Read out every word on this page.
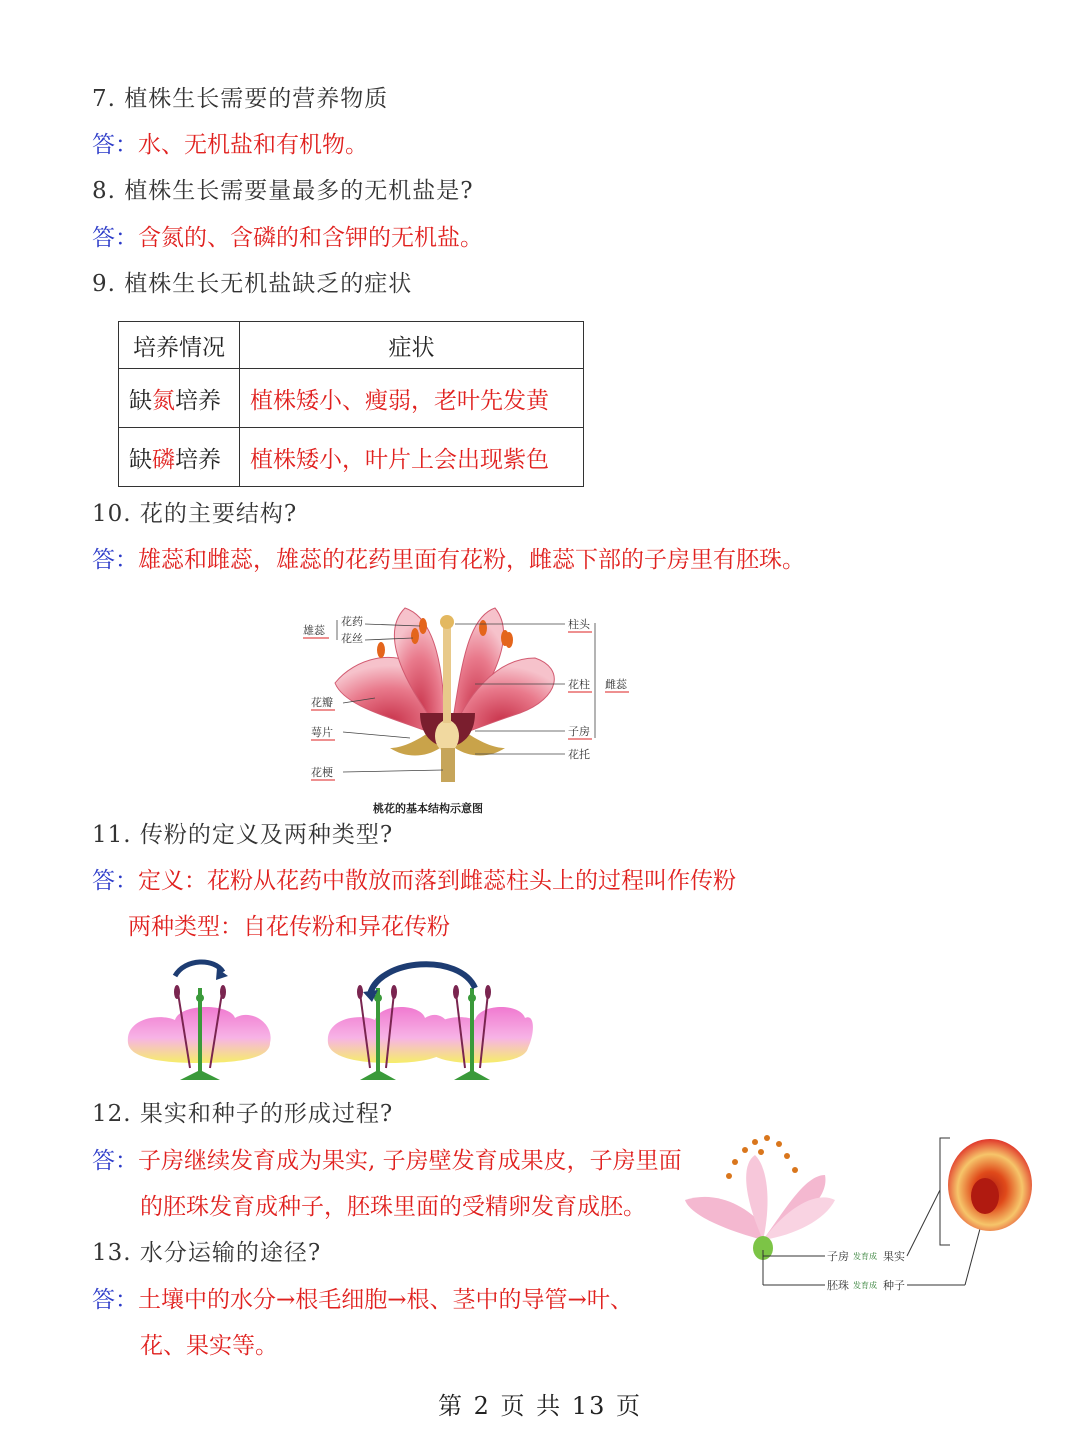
7. 植株生长需要的营养物质
答：水、无机盐和有机物。
8. 植株生长需要量最多的无机盐是?
答：含氮的、含磷的和含钾的无机盐。
9. 植株生长无机盐缺乏的症状
培养情况	症状
缺氮培养	植株矮小、瘦弱，老叶先发黄
缺磷培养	植株矮小，叶片上会出现紫色
10. 花的主要结构?
答：雄蕊和雌蕊，雄蕊的花药里面有花粉，雌蕊下部的子房里有胚珠。
雄蕊
花药
花丝
花瓣
萼片
花梗
柱头
花柱 雌蕊
子房
花托
桃花的基本结构示意图
11. 传粉的定义及两种类型?
答：定义：花粉从花药中散放而落到雌蕊柱头上的过程叫作传粉
两种类型：自花传粉和异花传粉
12. 果实和种子的形成过程?
答：子房继续发育成为果实, 子房壁发育成果皮，子房里面
的胚珠发育成种子，胚珠里面的受精卵发育成胚。
子房 发育成 果实
胚珠 发育成 种子
13. 水分运输的途径?
答：土壤中的水分→根毛细胞→根、茎中的导管→叶、
花、果实等。
第 2 页 共 13 页
